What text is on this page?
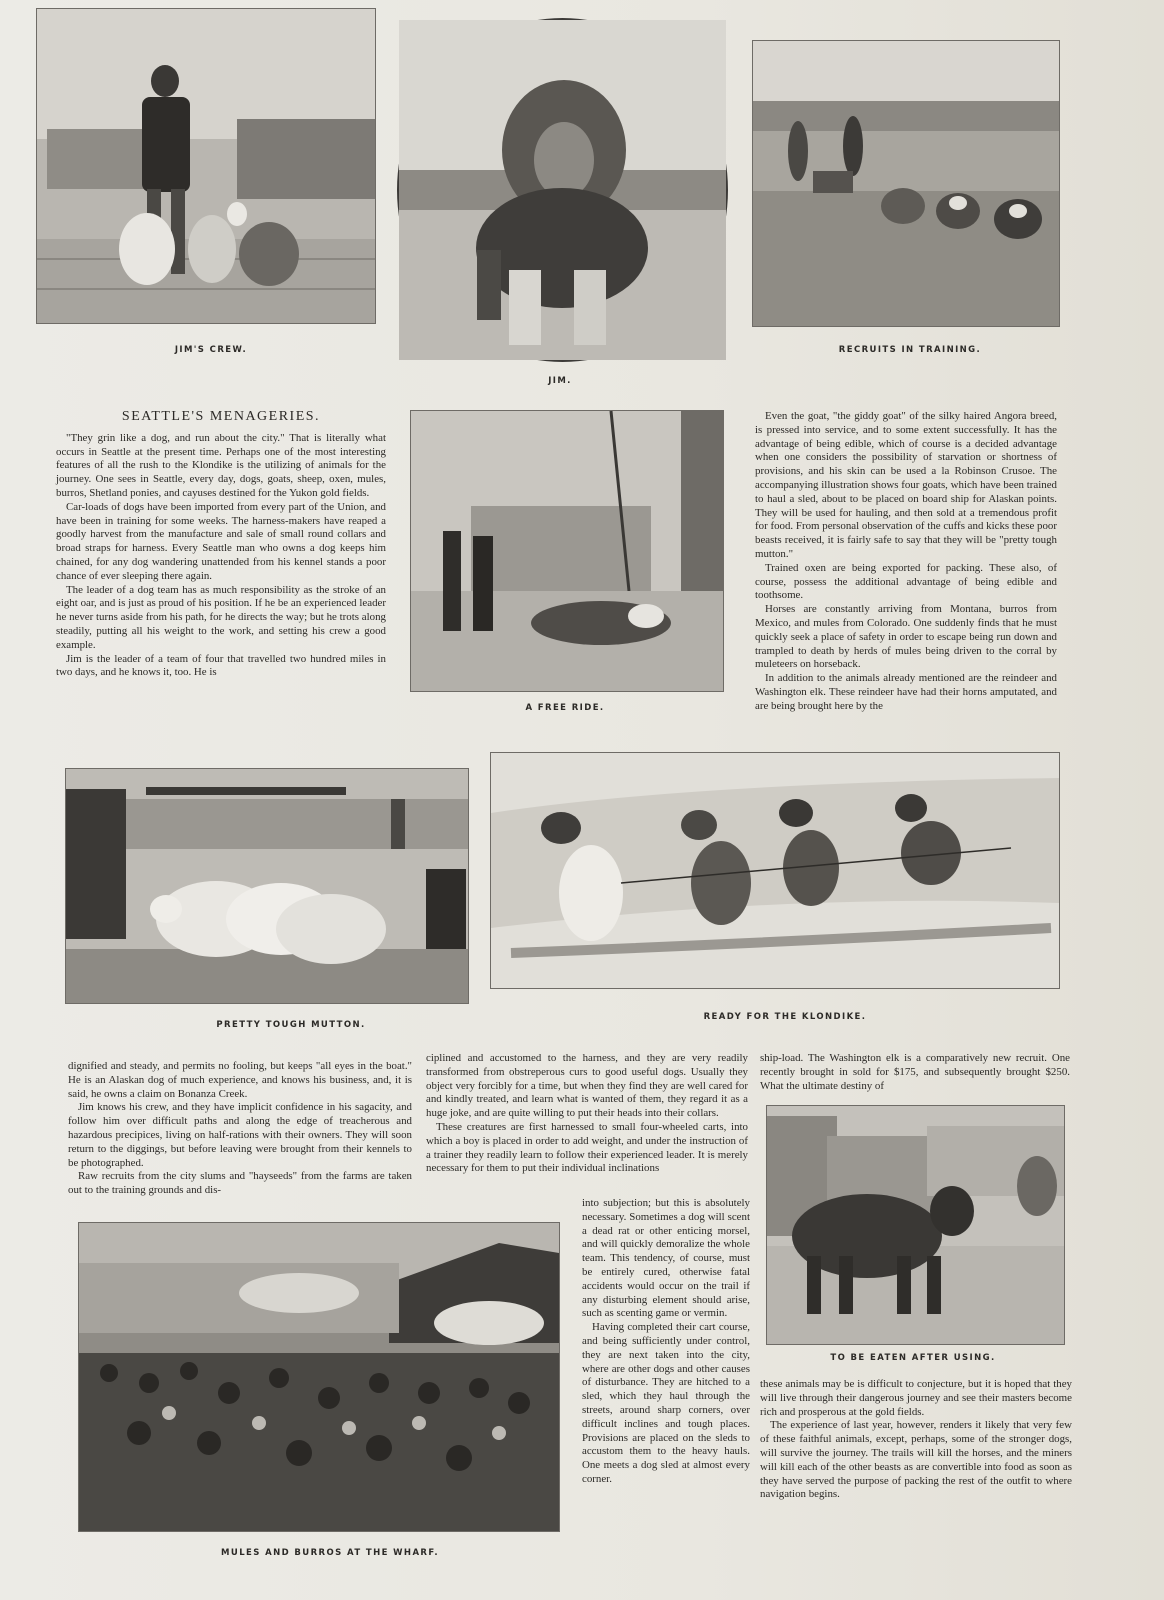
JIM'S CREW.
JIM.
RECRUITS IN TRAINING.
SEATTLE'S MENAGERIES.

"They grin like a dog, and run about the city." That is literally what occurs in Seattle at the present time. Perhaps one of the most interesting features of all the rush to the Klondike is the utilizing of animals for the journey. One sees in Seattle, every day, dogs, goats, sheep, oxen, mules, burros, Shetland ponies, and cayuses destined for the Yukon gold fields.

Car-loads of dogs have been imported from every part of the Union, and have been in training for some weeks. The harness-makers have reaped a goodly harvest from the manufacture and sale of small round collars and broad straps for harness. Every Seattle man who owns a dog keeps him chained, for any dog wandering unattended from his kennel stands a poor chance of ever sleeping there again.

The leader of a dog team has as much responsibility as the stroke of an eight oar, and is just as proud of his position. If he be an experienced leader he never turns aside from his path, for he directs the way; but he trots along steadily, putting all his weight to the work, and setting his crew a good example.

Jim is the leader of a team of four that travelled two hundred miles in two days, and he knows it, too. He is

A FREE RIDE.

Even the goat, "the giddy goat" of the silky haired Angora breed, is pressed into service, and to some extent successfully. It has the advantage of being edible, which of course is a decided advantage when one considers the possibility of starvation or shortness of provisions, and his skin can be used a la Robinson Crusoe. The accompanying illustration shows four goats, which have been trained to haul a sled, about to be placed on board ship for Alaskan points. They will be used for hauling, and then sold at a tremendous profit for food. From personal observation of the cuffs and kicks these poor beasts received, it is fairly safe to say that they will be "pretty tough mutton."

Trained oxen are being exported for packing. These also, of course, possess the additional advantage of being edible and toothsome.

Horses are constantly arriving from Montana, burros from Mexico, and mules from Colorado. One suddenly finds that he must quickly seek a place of safety in order to escape being run down and trampled to death by herds of mules being driven to the corral by muleteers on horseback.

In addition to the animals already mentioned are the reindeer and Washington elk. These reindeer have had their horns amputated, and are being brought here by the

PRETTY TOUGH MUTTON.
READY FOR THE KLONDIKE.

dignified and steady, and permits no fooling, but keeps "all eyes in the boat." He is an Alaskan dog of much experience, and knows his business, and, it is said, he owns a claim on Bonanza Creek.

Jim knows his crew, and they have implicit confidence in his sagacity, and follow him over difficult paths and along the edge of treacherous and hazardous precipices, living on half-rations with their owners. They will soon return to the diggings, but before leaving were brought from their kennels to be photographed.

Raw recruits from the city slums and "hayseeds" from the farms are taken out to the training grounds and dis-

ciplined and accustomed to the harness, and they are very readily transformed from obstreperous curs to good useful dogs. Usually they object very forcibly for a time, but when they find they are well cared for and kindly treated, and learn what is wanted of them, they regard it as a huge joke, and are quite willing to put their heads into their collars.

These creatures are first harnessed to small four-wheeled carts, into which a boy is placed in order to add weight, and under the instruction of a trainer they readily learn to follow their experienced leader. It is merely necessary for them to put their individual inclinations

into subjection; but this is absolutely necessary. Sometimes a dog will scent a dead rat or other enticing morsel, and will quickly demoralize the whole team. This tendency, of course, must be entirely cured, otherwise fatal accidents would occur on the trail if any disturbing element should arise, such as scenting game or vermin.

Having completed their cart course, and being sufficiently under control, they are next taken into the city, where are other dogs and other causes of disturbance. They are hitched to a sled, which they haul through the streets, around sharp corners, over difficult inclines and tough places. Provisions are placed on the sleds to accustom them to the heavy hauls. One meets a dog sled at almost every corner.

ship-load. The Washington elk is a comparatively new recruit. One recently brought in sold for $175, and subsequently brought $250. What the ultimate destiny of

TO BE EATEN AFTER USING.

these animals may be is difficult to conjecture, but it is hoped that they will live through their dangerous journey and see their masters become rich and prosperous at the gold fields.

The experience of last year, however, renders it likely that very few of these faithful animals, except, perhaps, some of the stronger dogs, will survive the journey. The trails will kill the horses, and the miners will kill each of the other beasts as are convertible into food as soon as they have served the purpose of packing the rest of the outfit to where navigation begins.

MULES AND BURROS AT THE WHARF.
